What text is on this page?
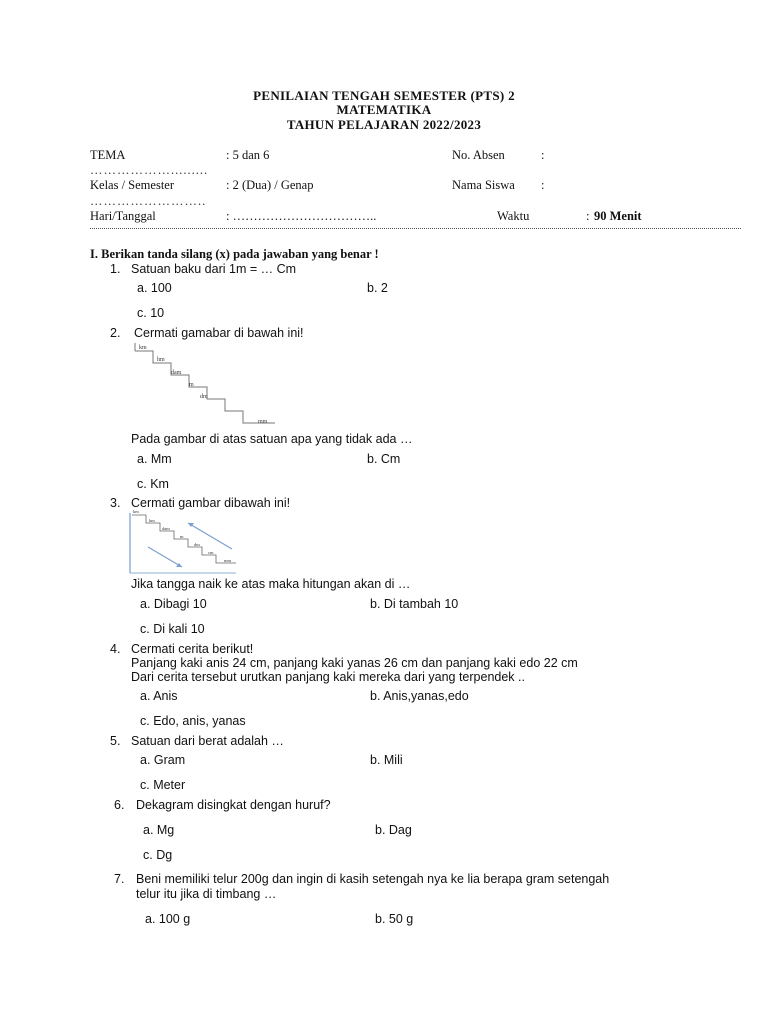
PENILAIAN TENGAH SEMESTER (PTS) 2
MATEMATIKA
TAHUN PELAJARAN 2022/2023
TEMA	: 5 dan 6	No. Absen	:
……………….........
Kelas / Semester	: 2 (Dua) / Genap	Nama Siswa :
……………………..
Hari/Tanggal	: ……………………………..	Waktu	: 90 Menit
I. Berikan tanda silang (x) pada jawaban yang benar !
1. Satuan baku dari 1m = … Cm
a. 100	b. 2
c. 10
2. Cermati gamabar di bawah ini!
km
hm
dam
m
dm
mm
Pada gambar di atas satuan apa yang tidak ada …
a. Mm	b. Cm
c. Km
3. Cermati gambar dibawah ini!
km
hm
dam
m
dm
cm
mm
Jika tangga naik ke atas maka hitungan akan di …
a. Dibagi 10	b. Di tambah 10
c. Di kali 10
4. Cermati cerita berikut!
Panjang kaki anis 24 cm, panjang kaki yanas 26 cm dan panjang kaki edo 22 cm
Dari cerita tersebut urutkan panjang kaki mereka dari yang terpendek ..
a. Anis	b. Anis,yanas,edo
c. Edo, anis, yanas
5. Satuan dari berat adalah …
a. Gram	b. Mili
c. Meter
6. Dekagram disingkat dengan huruf?
a. Mg	b. Dag
c. Dg
7. Beni memiliki telur 200g dan ingin di kasih setengah nya ke lia berapa gram setengah
telur itu jika di timbang …
a. 100 g	b. 50 g
